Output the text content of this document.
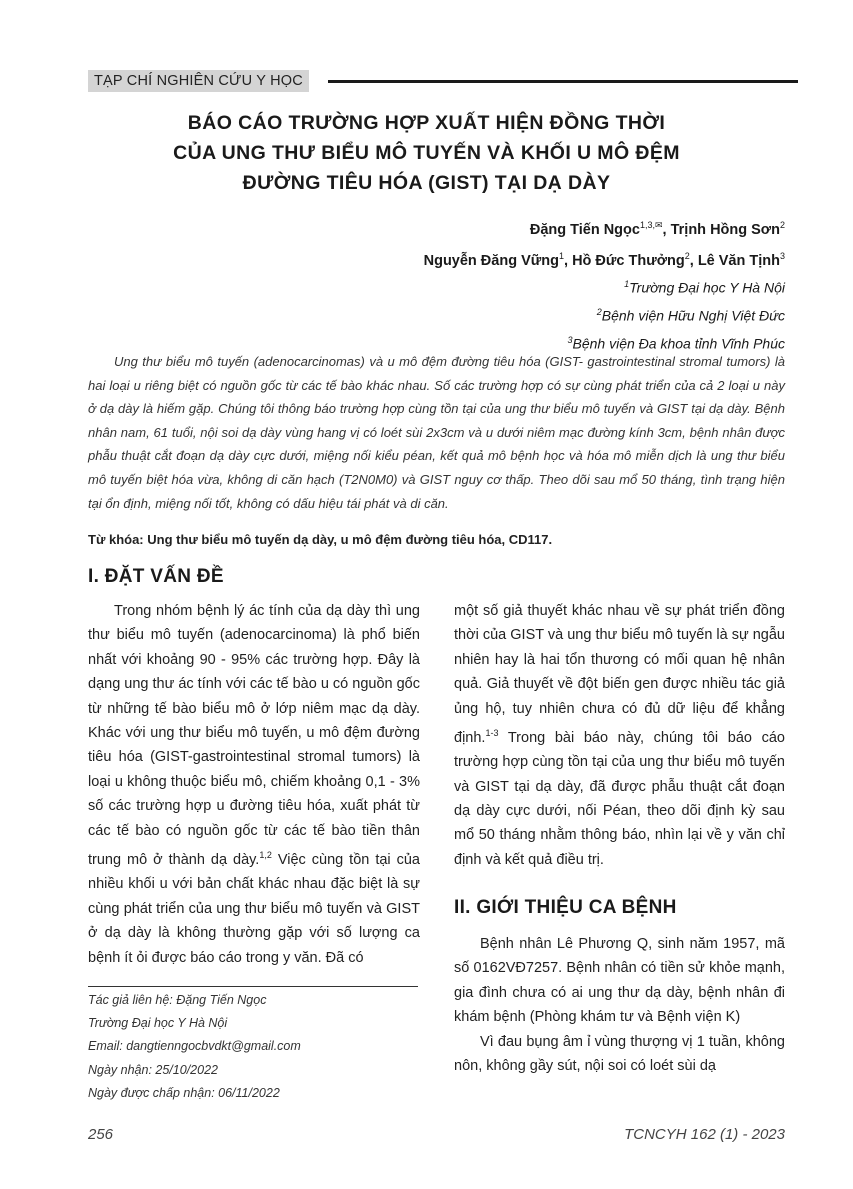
TẠP CHÍ NGHIÊN CỨU Y HỌC
BÁO CÁO TRƯỜNG HỢP XUẤT HIỆN ĐỒNG THỜI
CỦA UNG THƯ BIỂU MÔ TUYẾN VÀ KHỐI U MÔ ĐỆM
ĐƯỜNG TIÊU HÓA (GIST) TẠI DẠ DÀY
Đặng Tiến Ngọc$^{1,3,✉}$, Trịnh Hồng Sơn$^2$
Nguyễn Đăng Vững$^1$, Hồ Đức Thưởng$^2$, Lê Văn Tịnh$^3$
$^1$Trường Đại học Y Hà Nội
$^2$Bệnh viện Hữu Nghị Việt Đức
$^3$Bệnh viện Đa khoa tỉnh Vĩnh Phúc
Ung thư biểu mô tuyến (adenocarcinomas) và u mô đệm đường tiêu hóa (GIST- gastrointestinal stromal tumors) là hai loại u riêng biệt có nguồn gốc từ các tế bào khác nhau. Số các trường hợp có sự cùng phát triển của cả 2 loại u này ở dạ dày là hiếm gặp. Chúng tôi thông báo trường hợp cùng tồn tại của ung thư biểu mô tuyến và GIST tại dạ dày. Bệnh nhân nam, 61 tuổi, nội soi dạ dày vùng hang vị có loét sùi 2x3cm và u dưới niêm mạc đường kính 3cm, bệnh nhân được phẫu thuật cắt đoạn dạ dày cực dưới, miệng nối kiểu péan, kết quả mô bệnh học và hóa mô miễn dịch là ung thư biểu mô tuyến biệt hóa vừa, không di căn hạch (T2N0M0) và GIST nguy cơ thấp. Theo dõi sau mổ 50 tháng, tình trạng hiện tại ổn định, miệng nối tốt, không có dấu hiệu tái phát và di căn.
Từ khóa: Ung thư biểu mô tuyến dạ dày, u mô đệm đường tiêu hóa, CD117.
I. ĐẶT VẤN ĐỀ

Trong nhóm bệnh lý ác tính của dạ dày thì ung thư biểu mô tuyến (adenocarcinoma) là phổ biến nhất với khoảng 90 - 95% các trường hợp. Đây là dạng ung thư ác tính với các tế bào u có nguồn gốc từ những tế bào biểu mô ở lớp niêm mạc dạ dày. Khác với ung thư biểu mô tuyến, u mô đệm đường tiêu hóa (GIST-gastrointestinal stromal tumors) là loại u không thuộc biểu mô, chiếm khoảng 0,1 - 3% số các trường hợp u đường tiêu hóa, xuất phát từ các tế bào có nguồn gốc từ các tế bào tiền thân trung mô ở thành dạ dày.$^{1,2}$ Việc cùng tồn tại của nhiều khối u với bản chất khác nhau đặc biệt là sự cùng phát triển của ung thư biểu mô tuyến và GIST ở dạ dày là không thường gặp với số lượng ca bệnh ít ỏi được báo cáo trong y văn. Đã có

một số giả thuyết khác nhau về sự phát triển đồng thời của GIST và ung thư biểu mô tuyến là sự ngẫu nhiên hay là hai tổn thương có mối quan hệ nhân quả. Giả thuyết về đột biến gen được nhiều tác giả ủng hộ, tuy nhiên chưa có đủ dữ liệu để khẳng định.$^{1-3}$ Trong bài báo này, chúng tôi báo cáo trường hợp cùng tồn tại của ung thư biểu mô tuyến và GIST tại dạ dày, đã được phẫu thuật cắt đoạn dạ dày cực dưới, nối Péan, theo dõi định kỳ sau mổ 50 tháng nhằm thông báo, nhìn lại về y văn chỉ định và kết quả điều trị.

II. GIỚI THIỆU CA BỆNH

Bệnh nhân Lê Phương Q, sinh năm 1957, mã số 0162VĐ7257. Bệnh nhân có tiền sử khỏe mạnh, gia đình chưa có ai ung thư dạ dày, bệnh nhân đi khám bệnh (Phòng khám tư và Bệnh viện K)

Vì đau bụng âm ỉ vùng thượng vị 1 tuần, không nôn, không gầy sút, nội soi có loét sùi dạ

Tác giả liên hệ: Đặng Tiến Ngọc
Trường Đại học Y Hà Nội
Email: dangtienngocbvdkt@gmail.com
Ngày nhận: 25/10/2022
Ngày được chấp nhận: 06/11/2022
256	TCNCYH 162 (1) - 2023
